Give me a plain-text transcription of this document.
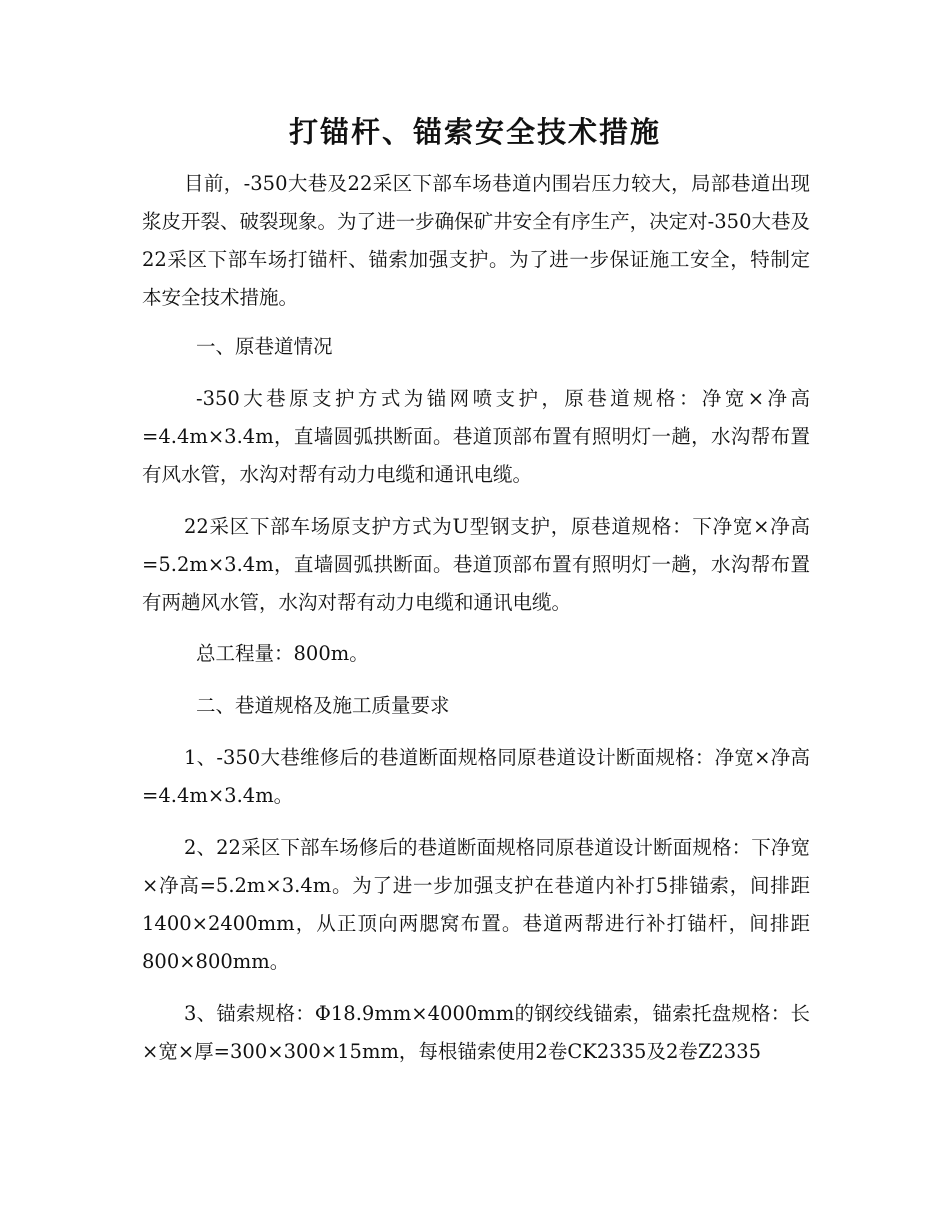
打锚杆、锚索安全技术措施
目前，-350大巷及22采区下部车场巷道内围岩压力较大，局部巷道出现浆皮开裂、破裂现象。为了进一步确保矿井安全有序生产，决定对-350大巷及22采区下部车场打锚杆、锚索加强支护。为了进一步保证施工安全，特制定本安全技术措施。
一、原巷道情况
-350大巷原支护方式为锚网喷支护，原巷道规格：净宽×净高=4.4m×3.4m，直墙圆弧拱断面。巷道顶部布置有照明灯一趟，水沟帮布置有风水管，水沟对帮有动力电缆和通讯电缆。
22采区下部车场原支护方式为U型钢支护，原巷道规格：下净宽×净高=5.2m×3.4m，直墙圆弧拱断面。巷道顶部布置有照明灯一趟，水沟帮布置有两趟风水管，水沟对帮有动力电缆和通讯电缆。
总工程量：800m。
二、巷道规格及施工质量要求
1、-350大巷维修后的巷道断面规格同原巷道设计断面规格：净宽×净高=4.4m×3.4m。
2、22采区下部车场修后的巷道断面规格同原巷道设计断面规格：下净宽×净高=5.2m×3.4m。为了进一步加强支护在巷道内补打5排锚索，间排距1400×2400mm，从正顶向两腮窝布置。巷道两帮进行补打锚杆，间排距800×800mm。
3、锚索规格：Φ18.9mm×4000mm的钢绞线锚索，锚索托盘规格：长×宽×厚=300×300×15mm，每根锚索使用2卷CK2335及2卷Z2335
